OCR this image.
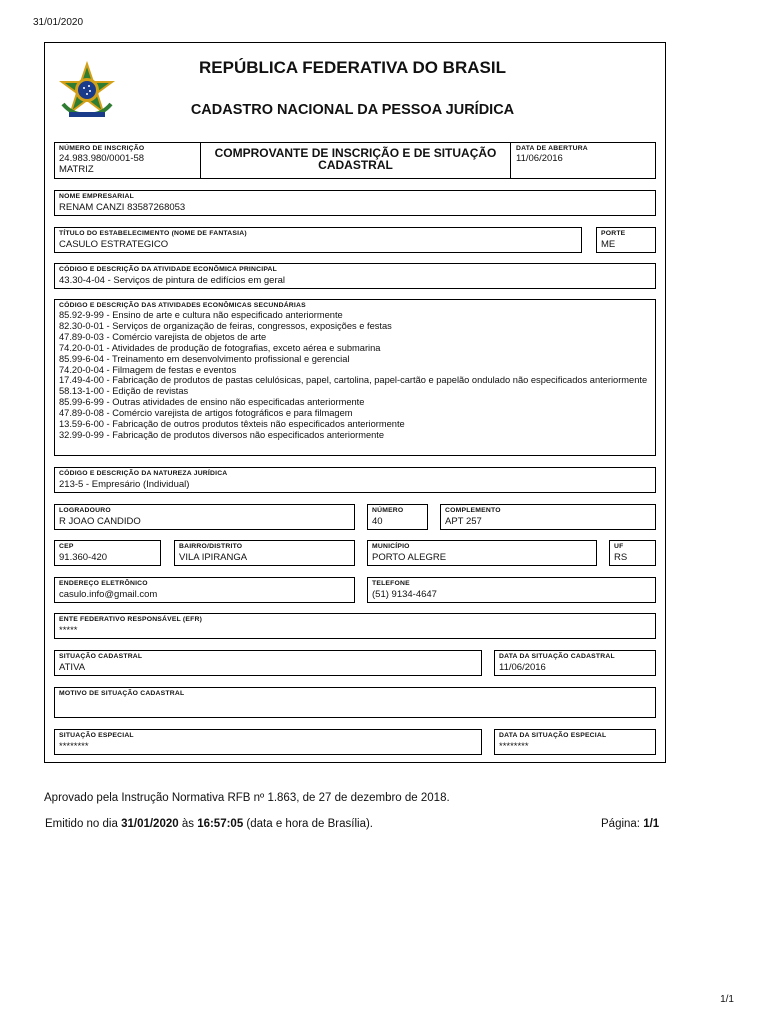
31/01/2020
REPÚBLICA FEDERATIVA DO BRASIL
CADASTRO NACIONAL DA PESSOA JURÍDICA
NÚMERO DE INSCRIÇÃO
24.983.980/0001-58
MATRIZ
COMPROVANTE DE INSCRIÇÃO E DE SITUAÇÃO
CADASTRAL
DATA DE ABERTURA
11/06/2016
NOME EMPRESARIAL
RENAM CANZI 83587268053
TÍTULO DO ESTABELECIMENTO (NOME DE FANTASIA)
CASULO ESTRATEGICO
PORTE
ME
CÓDIGO E DESCRIÇÃO DA ATIVIDADE ECONÔMICA PRINCIPAL
43.30-4-04 - Serviços de pintura de edifícios em geral
CÓDIGO E DESCRIÇÃO DAS ATIVIDADES ECONÔMICAS SECUNDÁRIAS
85.92-9-99 - Ensino de arte e cultura não especificado anteriormente
82.30-0-01 - Serviços de organização de feiras, congressos, exposições e festas
47.89-0-03 - Comércio varejista de objetos de arte
74.20-0-01 - Atividades de produção de fotografias, exceto aérea e submarina
85.99-6-04 - Treinamento em desenvolvimento profissional e gerencial
74.20-0-04 - Filmagem de festas e eventos
17.49-4-00 - Fabricação de produtos de pastas celulósicas, papel, cartolina, papel-cartão e papelão ondulado não especificados anteriormente
58.13-1-00 - Edição de revistas
85.99-6-99 - Outras atividades de ensino não especificadas anteriormente
47.89-0-08 - Comércio varejista de artigos fotográficos e para filmagem
13.59-6-00 - Fabricação de outros produtos têxteis não especificados anteriormente
32.99-0-99 - Fabricação de produtos diversos não especificados anteriormente
CÓDIGO E DESCRIÇÃO DA NATUREZA JURÍDICA
213-5 - Empresário (Individual)
LOGRADOURO
R JOAO CANDIDO
NÚMERO
40
COMPLEMENTO
APT 257
CEP
91.360-420
BAIRRO/DISTRITO
VILA IPIRANGA
MUNICÍPIO
PORTO ALEGRE
UF
RS
ENDEREÇO ELETRÔNICO
casulo.info@gmail.com
TELEFONE
(51) 9134-4647
ENTE FEDERATIVO RESPONSÁVEL (EFR)
*****
SITUAÇÃO CADASTRAL
ATIVA
DATA DA SITUAÇÃO CADASTRAL
11/06/2016
MOTIVO DE SITUAÇÃO CADASTRAL
SITUAÇÃO ESPECIAL
********
DATA DA SITUAÇÃO ESPECIAL
********
Aprovado pela Instrução Normativa RFB nº 1.863, de 27 de dezembro de 2018.
Emitido no dia 31/01/2020 às 16:57:05 (data e hora de Brasília).	Página: 1/1
1/1
